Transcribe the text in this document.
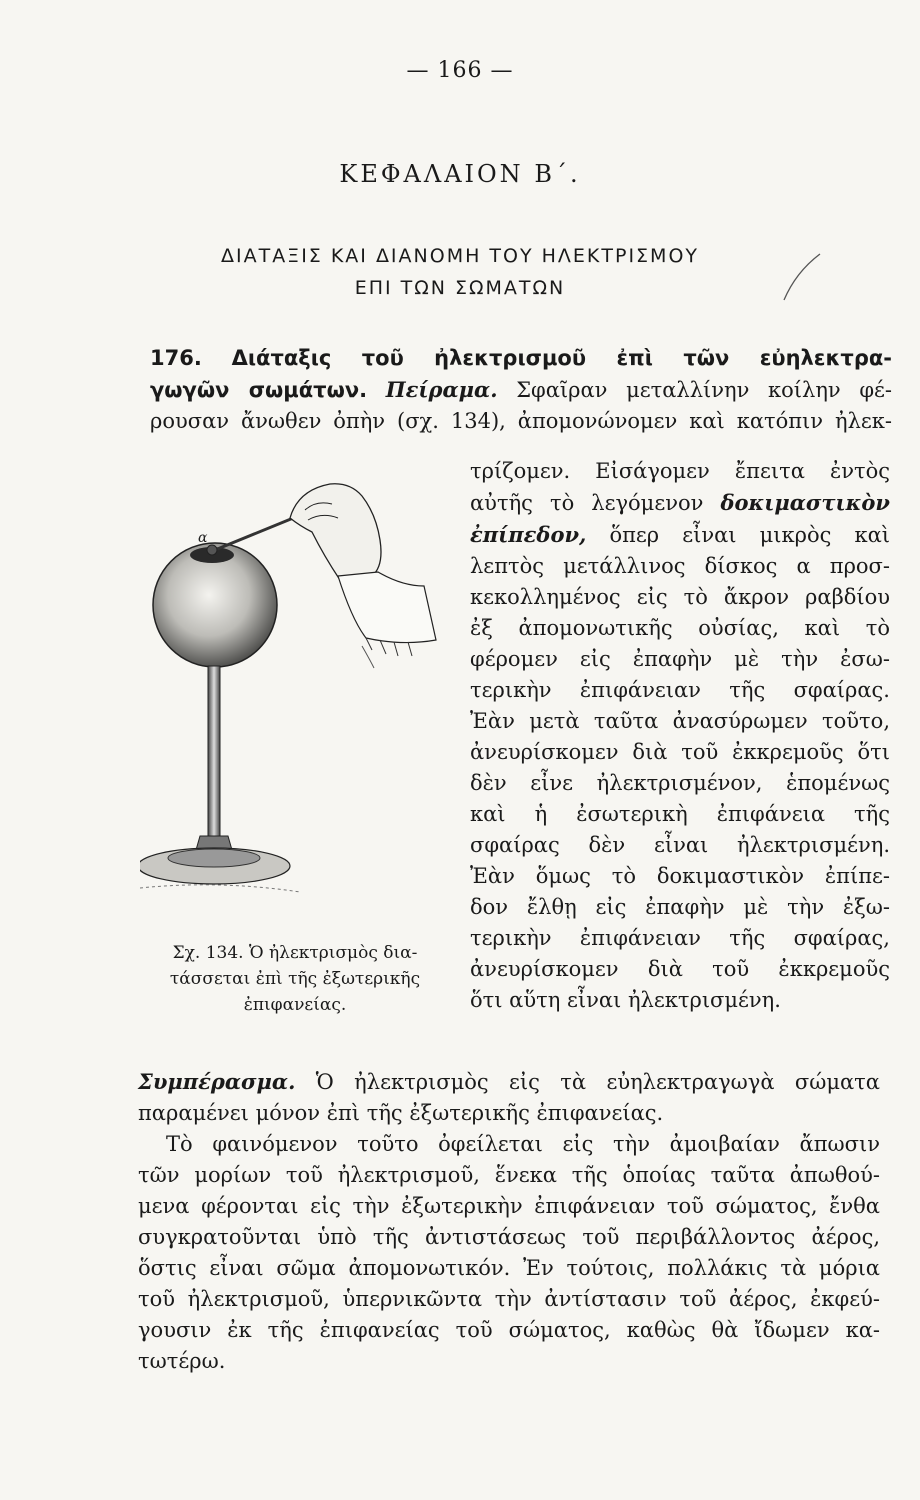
— 166 —
ΚΕΦΑΛΑΙΟΝ Β΄.
ΔΙΑΤΑΞΙΣ ΚΑΙ ΔΙΑΝΟΜΗ ΤΟΥ ΗΛΕΚΤΡΙΣΜΟΥ
ΕΠΙ ΤΩΝ ΣΩΜΑΤΩΝ
176. Διάταξις τοῦ ἠλεκτρισμοῦ ἐπὶ τῶν εὐηλεκτρα-
γωγῶν σωμάτων. Πείραμα. Σφαῖραν μεταλλίνην κοίλην φέ-
ρουσαν ἄνωθεν ὀπὴν (σχ. 134), ἀπομονώνομεν καὶ κατόπιν ἠλεκ-
τρίζομεν. Εἰσάγομεν ἔπειτα ἐντὸς
αὐτῆς τὸ λεγόμενον δοκιμαστικὸν
ἐπίπεδον, ὅπερ εἶναι μικρὸς καὶ
λεπτὸς μετάλλινος δίσκος α προσ-
κεκολλημένος εἰς τὸ ἄκρον ραβδίου
ἐξ ἀπομονωτικῆς οὐσίας, καὶ τὸ
φέρομεν εἰς ἐπαφὴν μὲ τὴν ἐσω-
τερικὴν ἐπιφάνειαν τῆς σφαίρας.
Ἐὰν μετὰ ταῦτα ἀνασύρωμεν τοῦτο,
ἀνευρίσκομεν διὰ τοῦ ἐκκρεμοῦς ὅτι
δὲν εἶνε ἠλεκτρισμένον, ἑπομένως
καὶ ἡ ἐσωτερικὴ ἐπιφάνεια τῆς
σφαίρας δὲν εἶναι ἠλεκτρισμένη.
Ἐὰν ὅμως τὸ δοκιμαστικὸν ἐπίπε-
δον ἔλθῃ εἰς ἐπαφὴν μὲ τὴν ἐξω-
τερικὴν ἐπιφάνειαν τῆς σφαίρας,
ἀνευρίσκομεν διὰ τοῦ ἐκκρεμοῦς
ὅτι αὕτη εἶναι ἠλεκτρισμένη.
α
Σχ. 134. Ὁ ἠλεκτρισμὸς δια-
τάσσεται ἐπὶ τῆς ἐξωτερικῆς
ἐπιφανείας.
Συμπέρασμα. Ὁ ἠλεκτρισμὸς εἰς τὰ εὐηλεκτραγωγὰ σώματα
παραμένει μόνον ἐπὶ τῆς ἐξωτερικῆς ἐπιφανείας.
Τὸ φαινόμενον τοῦτο ὀφείλεται εἰς τὴν ἀμοιβαίαν ἄπωσιν
τῶν μορίων τοῦ ἠλεκτρισμοῦ, ἕνεκα τῆς ὁποίας ταῦτα ἀπωθού-
μενα φέρονται εἰς τὴν ἐξωτερικὴν ἐπιφάνειαν τοῦ σώματος, ἔνθα
συγκρατοῦνται ὑπὸ τῆς ἀντιστάσεως τοῦ περιβάλλοντος ἀέρος,
ὅστις εἶναι σῶμα ἀπομονωτικόν. Ἐν τούτοις, πολλάκις τὰ μόρια
τοῦ ἠλεκτρισμοῦ, ὑπερνικῶντα τὴν ἀντίστασιν τοῦ ἀέρος, ἐκφεύ-
γουσιν ἐκ τῆς ἐπιφανείας τοῦ σώματος, καθὼς θὰ ἴδωμεν κα-
τωτέρω.
